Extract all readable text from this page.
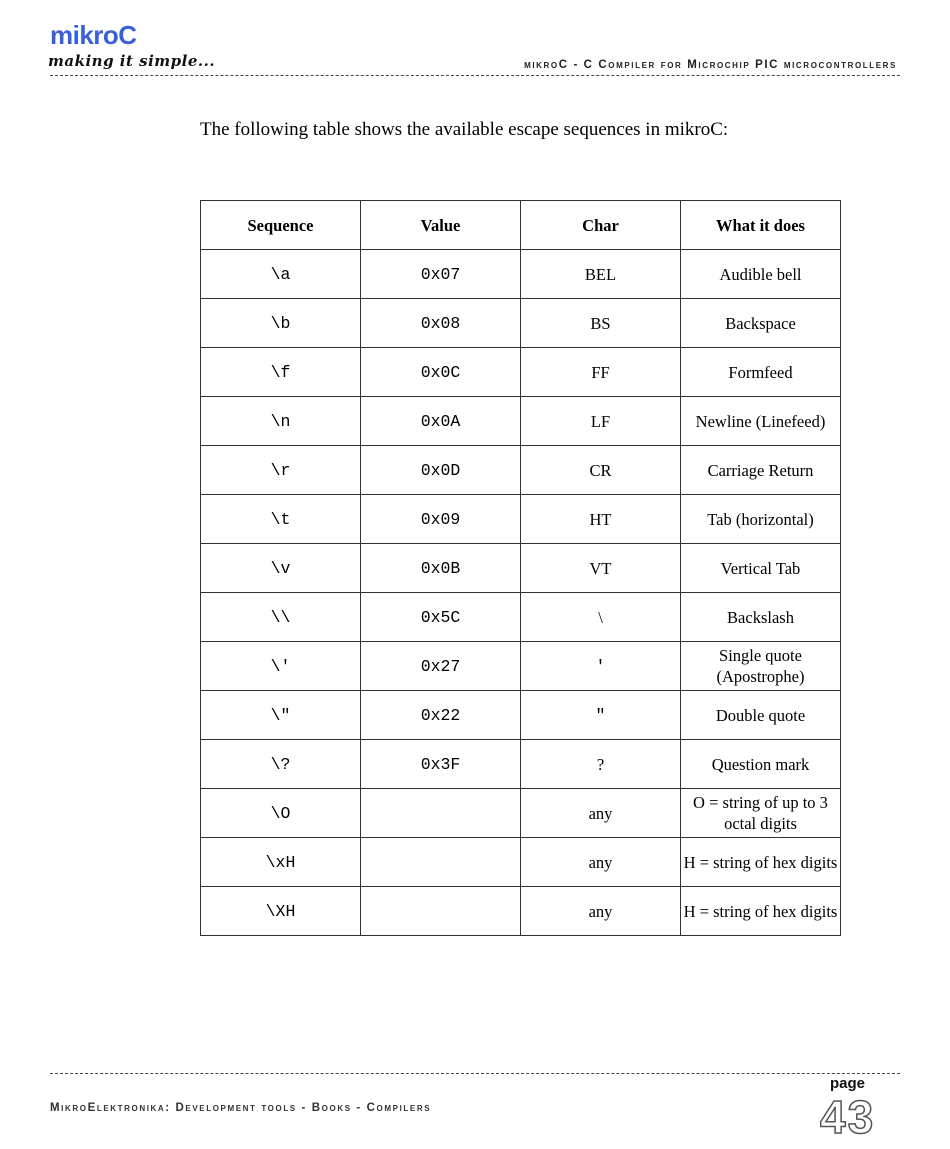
mikroC
making it simple...	mikroC - C Compiler for Microchip PIC microcontrollers
The following table shows the available escape sequences in mikroC:
Sequence	Value	Char	What it does
\a	0x07	BEL	Audible bell
\b	0x08	BS	Backspace
\f	0x0C	FF	Formfeed
\n	0x0A	LF	Newline (Linefeed)
\r	0x0D	CR	Carriage Return
\t	0x09	HT	Tab (horizontal)
\v	0x0B	VT	Vertical Tab
\\	0x5C	\	Backslash
\'	0x27	'	Single quote (Apostrophe)
\"	0x22	"	Double quote
\?	0x3F	?	Question mark
\O		any	O = string of up to 3 octal digits
\xH		any	H = string of hex digits
\XH		any	H = string of hex digits
MikroElektronika: Development tools - Books - Compilers
page
43
